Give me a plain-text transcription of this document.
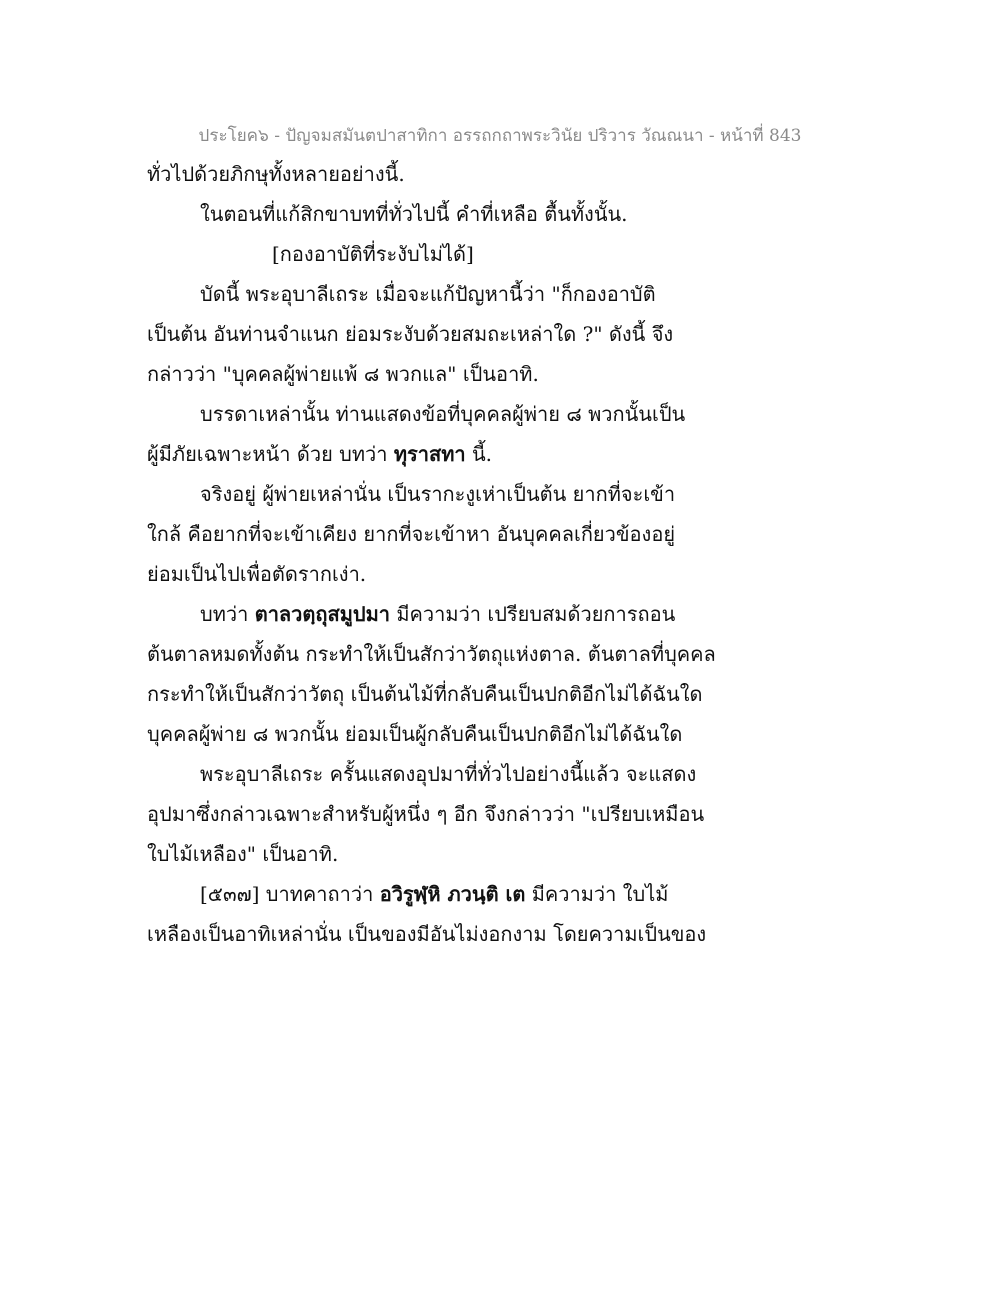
ประโยค๖ - ปัญจมสมันตปาสาทิกา อรรถกถาพระวินัย ปริวาร วัณณนา - หน้าที่ 843
ทั่วไปด้วยภิกษุทั้งหลายอย่างนี้.
ในตอนที่แก้สิกขาบทที่ทั่วไปนี้ คำที่เหลือ ตื้นทั้งนั้น.
[กองอาบัติที่ระงับไม่ได้]
บัดนี้ พระอุบาลีเถระ เมื่อจะแก้ปัญหานี้ว่า "ก็กองอาบัติ
เป็นต้น อันท่านจำแนก ย่อมระงับด้วยสมถะเหล่าใด ?" ดังนี้ จึง
กล่าวว่า "บุคคลผู้พ่ายแพ้ ๘ พวกแล" เป็นอาทิ.
บรรดาเหล่านั้น ท่านแสดงข้อที่บุคคลผู้พ่าย ๘ พวกนั้นเป็น
ผู้มีภัยเฉพาะหน้า ด้วย บทว่า ทุราสทา นี้.
จริงอยู่ ผู้พ่ายเหล่านั่น เป็นรากะงูเห่าเป็นต้น ยากที่จะเข้า
ใกล้ คือยากที่จะเข้าเคียง ยากที่จะเข้าหา อันบุคคลเกี่ยวข้องอยู่
ย่อมเป็นไปเพื่อตัดรากเง่า.
บทว่า ตาลวตฺถุสมูปมา มีความว่า เปรียบสมด้วยการถอน
ต้นตาลหมดทั้งต้น กระทำให้เป็นสักว่าวัตถุแห่งตาล. ต้นตาลที่บุคคล
กระทำให้เป็นสักว่าวัตถุ เป็นต้นไม้ที่กลับคืนเป็นปกติอีกไม่ได้ฉันใด
บุคคลผู้พ่าย ๘ พวกนั้น ย่อมเป็นผู้กลับคืนเป็นปกติอีกไม่ได้ฉันใด
พระอุบาลีเถระ ครั้นแสดงอุปมาที่ทั่วไปอย่างนี้แล้ว จะแสดง
อุปมาซึ่งกล่าวเฉพาะสำหรับผู้หนึ่ง ๆ อีก จึงกล่าวว่า "เปรียบเหมือน
ใบไม้เหลือง" เป็นอาทิ.
[๕๓๗] บาทคาถาว่า อวิรูฬฺหิ ภวนฺติ เต มีความว่า ใบไม้
เหลืองเป็นอาทิเหล่านั่น เป็นของมีอันไม่งอกงาม โดยความเป็นของ
